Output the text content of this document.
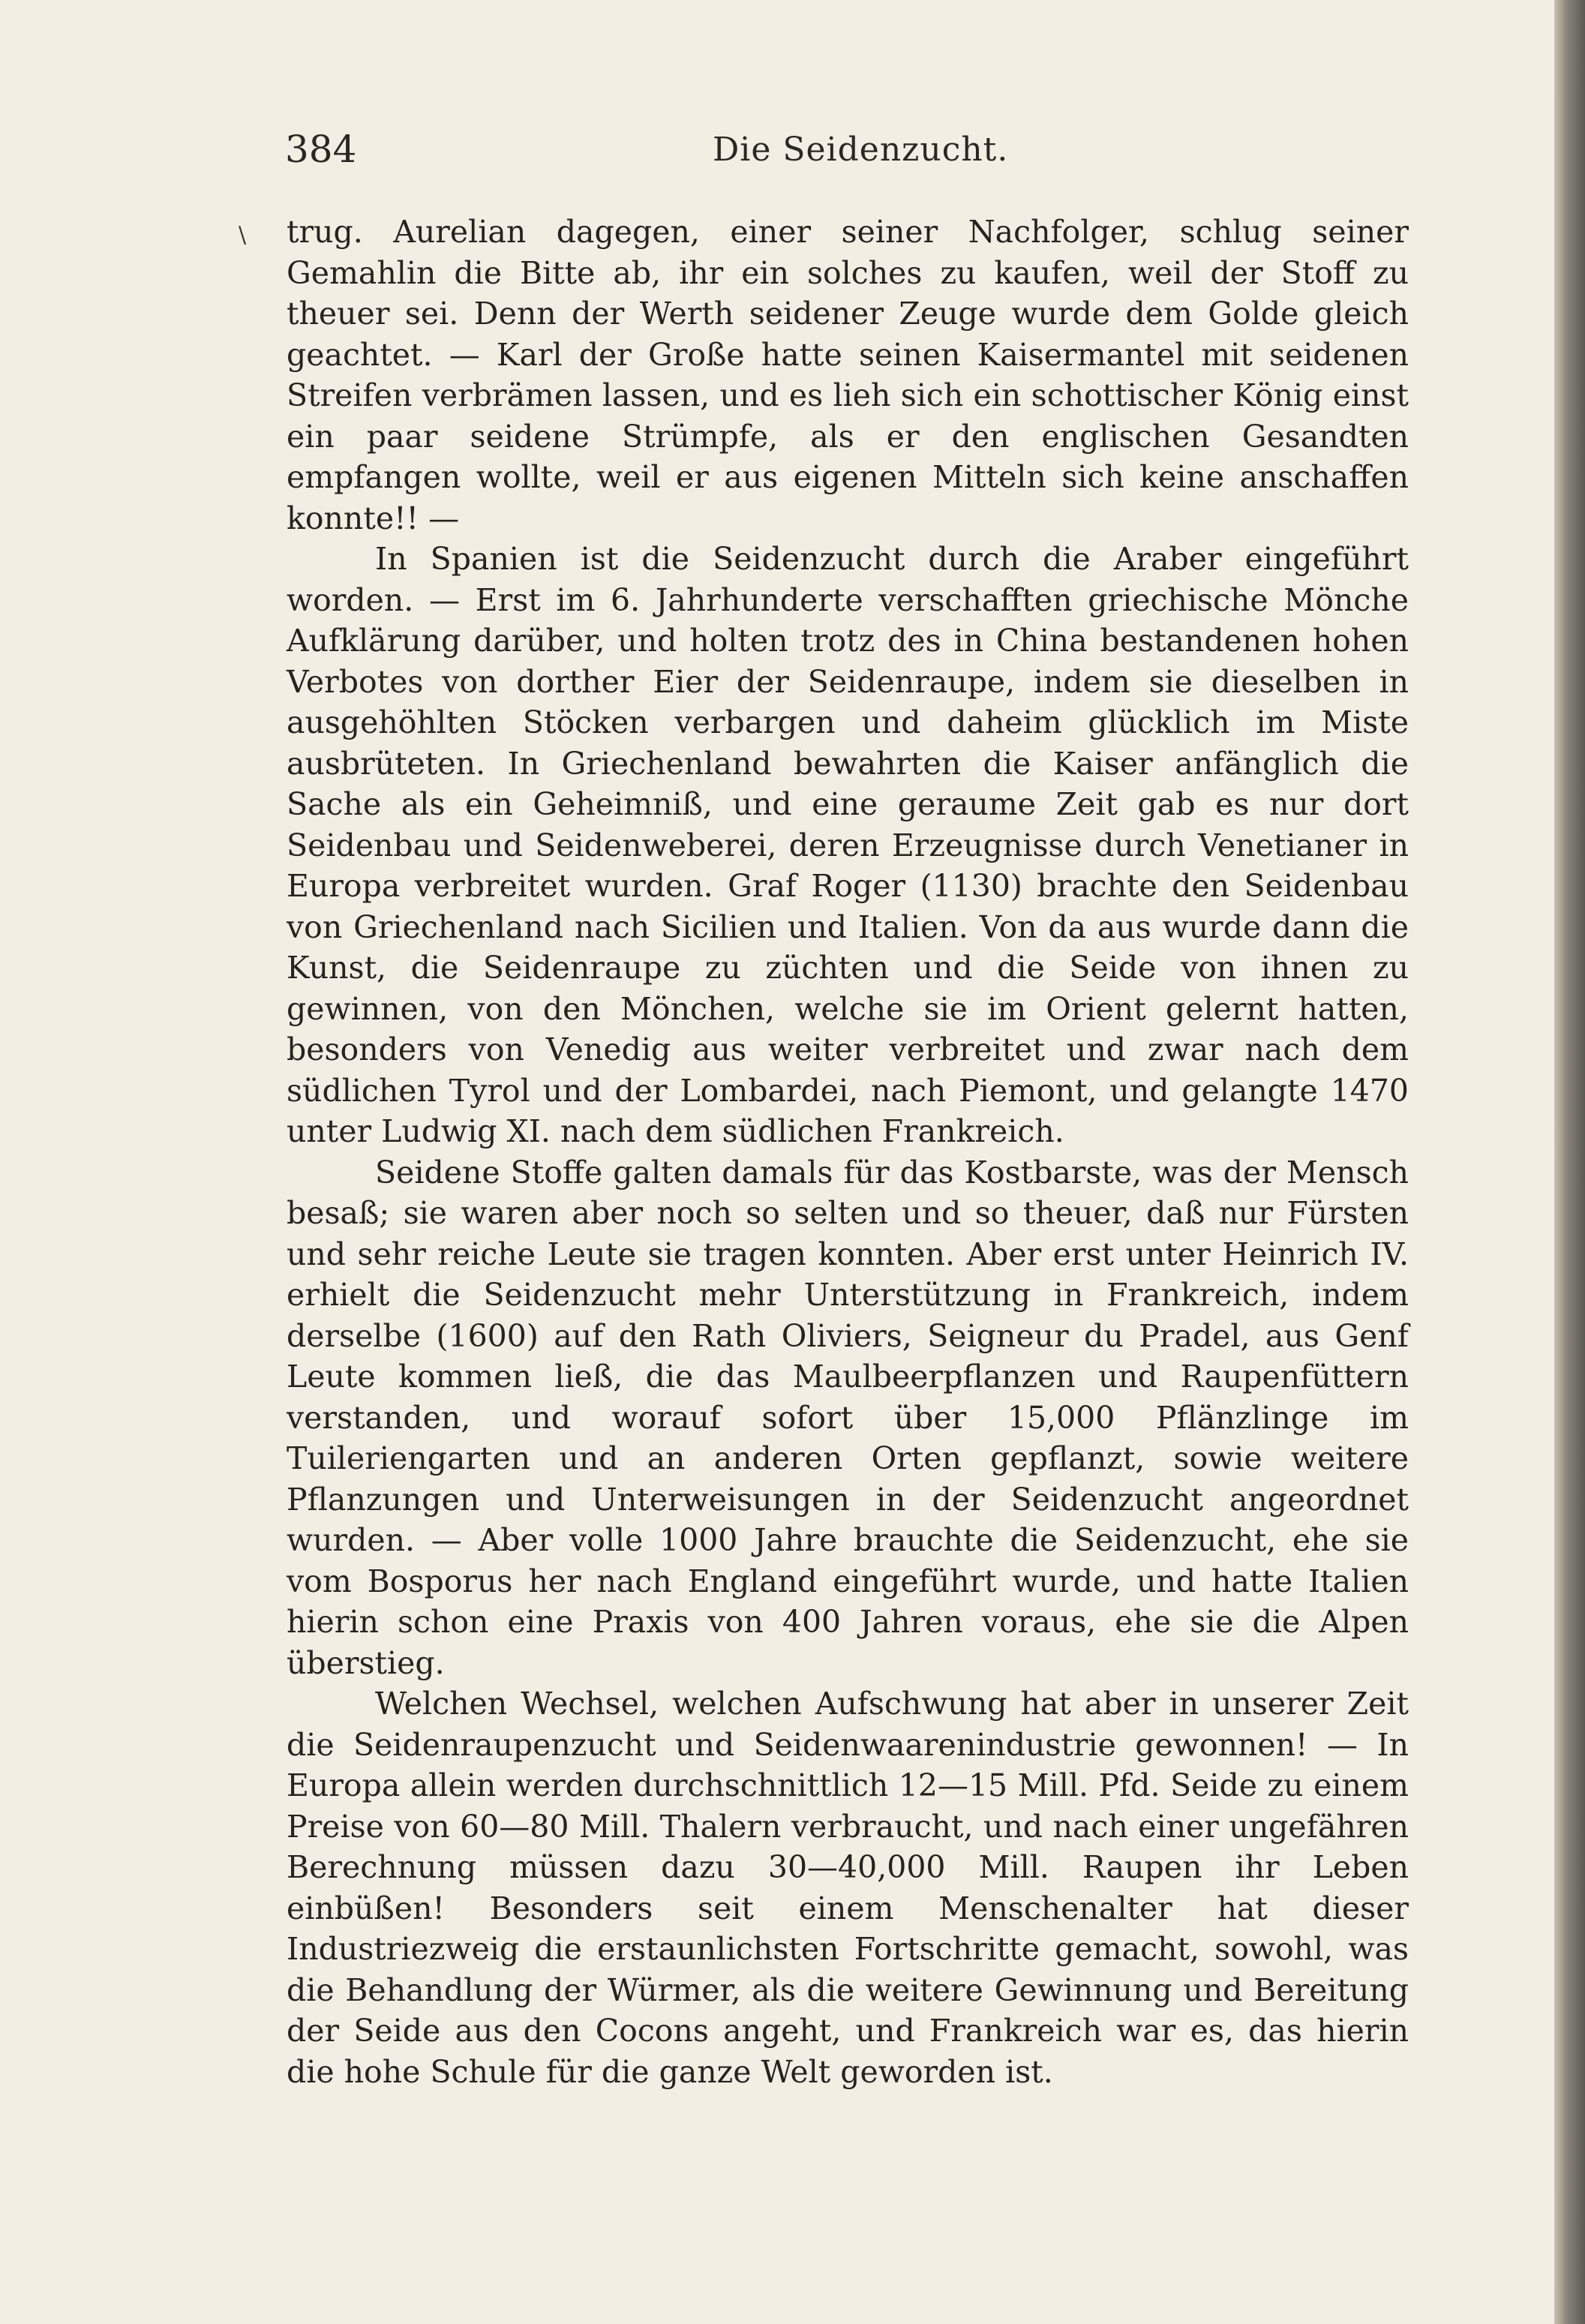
384	Die Seidenzucht.
\ trug. Aurelian dagegen, einer seiner Nachfolger, schlug seiner Gemahlin die Bitte ab, ihr ein solches zu kaufen, weil der Stoff zu theuer sei. Denn der Werth seidener Zeuge wurde dem Golde gleich geachtet. — Karl der Große hatte seinen Kaisermantel mit seidenen Streifen verbrämen lassen, und es lieh sich ein schottischer König einst ein paar seidene Strümpfe, als er den englischen Gesandten empfangen wollte, weil er aus eigenen Mitteln sich keine anschaffen konnte!! —

In Spanien ist die Seidenzucht durch die Araber eingeführt worden. — Erst im 6. Jahrhunderte verschafften griechische Mönche Aufklärung darüber, und holten trotz des in China bestandenen hohen Verbotes von dorther Eier der Seidenraupe, indem sie dieselben in ausgehöhlten Stöcken verbargen und daheim glücklich im Miste ausbrüteten. In Griechenland bewahrten die Kaiser anfänglich die Sache als ein Geheimniß, und eine geraume Zeit gab es nur dort Seidenbau und Seidenweberei, deren Erzeugnisse durch Venetianer in Europa verbreitet wurden. Graf Roger (1130) brachte den Seidenbau von Griechenland nach Sicilien und Italien. Von da aus wurde dann die Kunst, die Seidenraupe zu züchten und die Seide von ihnen zu gewinnen, von den Mönchen, welche sie im Orient gelernt hatten, besonders von Venedig aus weiter verbreitet und zwar nach dem südlichen Tyrol und der Lombardei, nach Piemont, und gelangte 1470 unter Ludwig XI. nach dem südlichen Frankreich.

Seidene Stoffe galten damals für das Kostbarste, was der Mensch besaß; sie waren aber noch so selten und so theuer, daß nur Fürsten und sehr reiche Leute sie tragen konnten. Aber erst unter Heinrich IV. erhielt die Seidenzucht mehr Unterstützung in Frankreich, indem derselbe (1600) auf den Rath Oliviers, Seigneur du Pradel, aus Genf Leute kommen ließ, die das Maulbeerpflanzen und Raupenfüttern verstanden, und worauf sofort über 15,000 Pflänzlinge im Tuileriengarten und an anderen Orten gepflanzt, sowie weitere Pflanzungen und Unterweisungen in der Seidenzucht angeordnet wurden. — Aber volle 1000 Jahre brauchte die Seidenzucht, ehe sie vom Bosporus her nach England eingeführt wurde, und hatte Italien hierin schon eine Praxis von 400 Jahren voraus, ehe sie die Alpen überstieg.

Welchen Wechsel, welchen Aufschwung hat aber in unserer Zeit die Seidenraupenzucht und Seidenwaarenindustrie gewonnen! — In Europa allein werden durchschnittlich 12—15 Mill. Pfd. Seide zu einem Preise von 60—80 Mill. Thalern verbraucht, und nach einer ungefähren Berechnung müssen dazu 30—40,000 Mill. Raupen ihr Leben einbüßen! Besonders seit einem Menschenalter hat dieser Industriezweig die erstaunlichsten Fortschritte gemacht, sowohl, was die Behandlung der Würmer, als die weitere Gewinnung und Bereitung der Seide aus den Cocons angeht, und Frankreich war es, das hierin die hohe Schule für die ganze Welt geworden ist.
